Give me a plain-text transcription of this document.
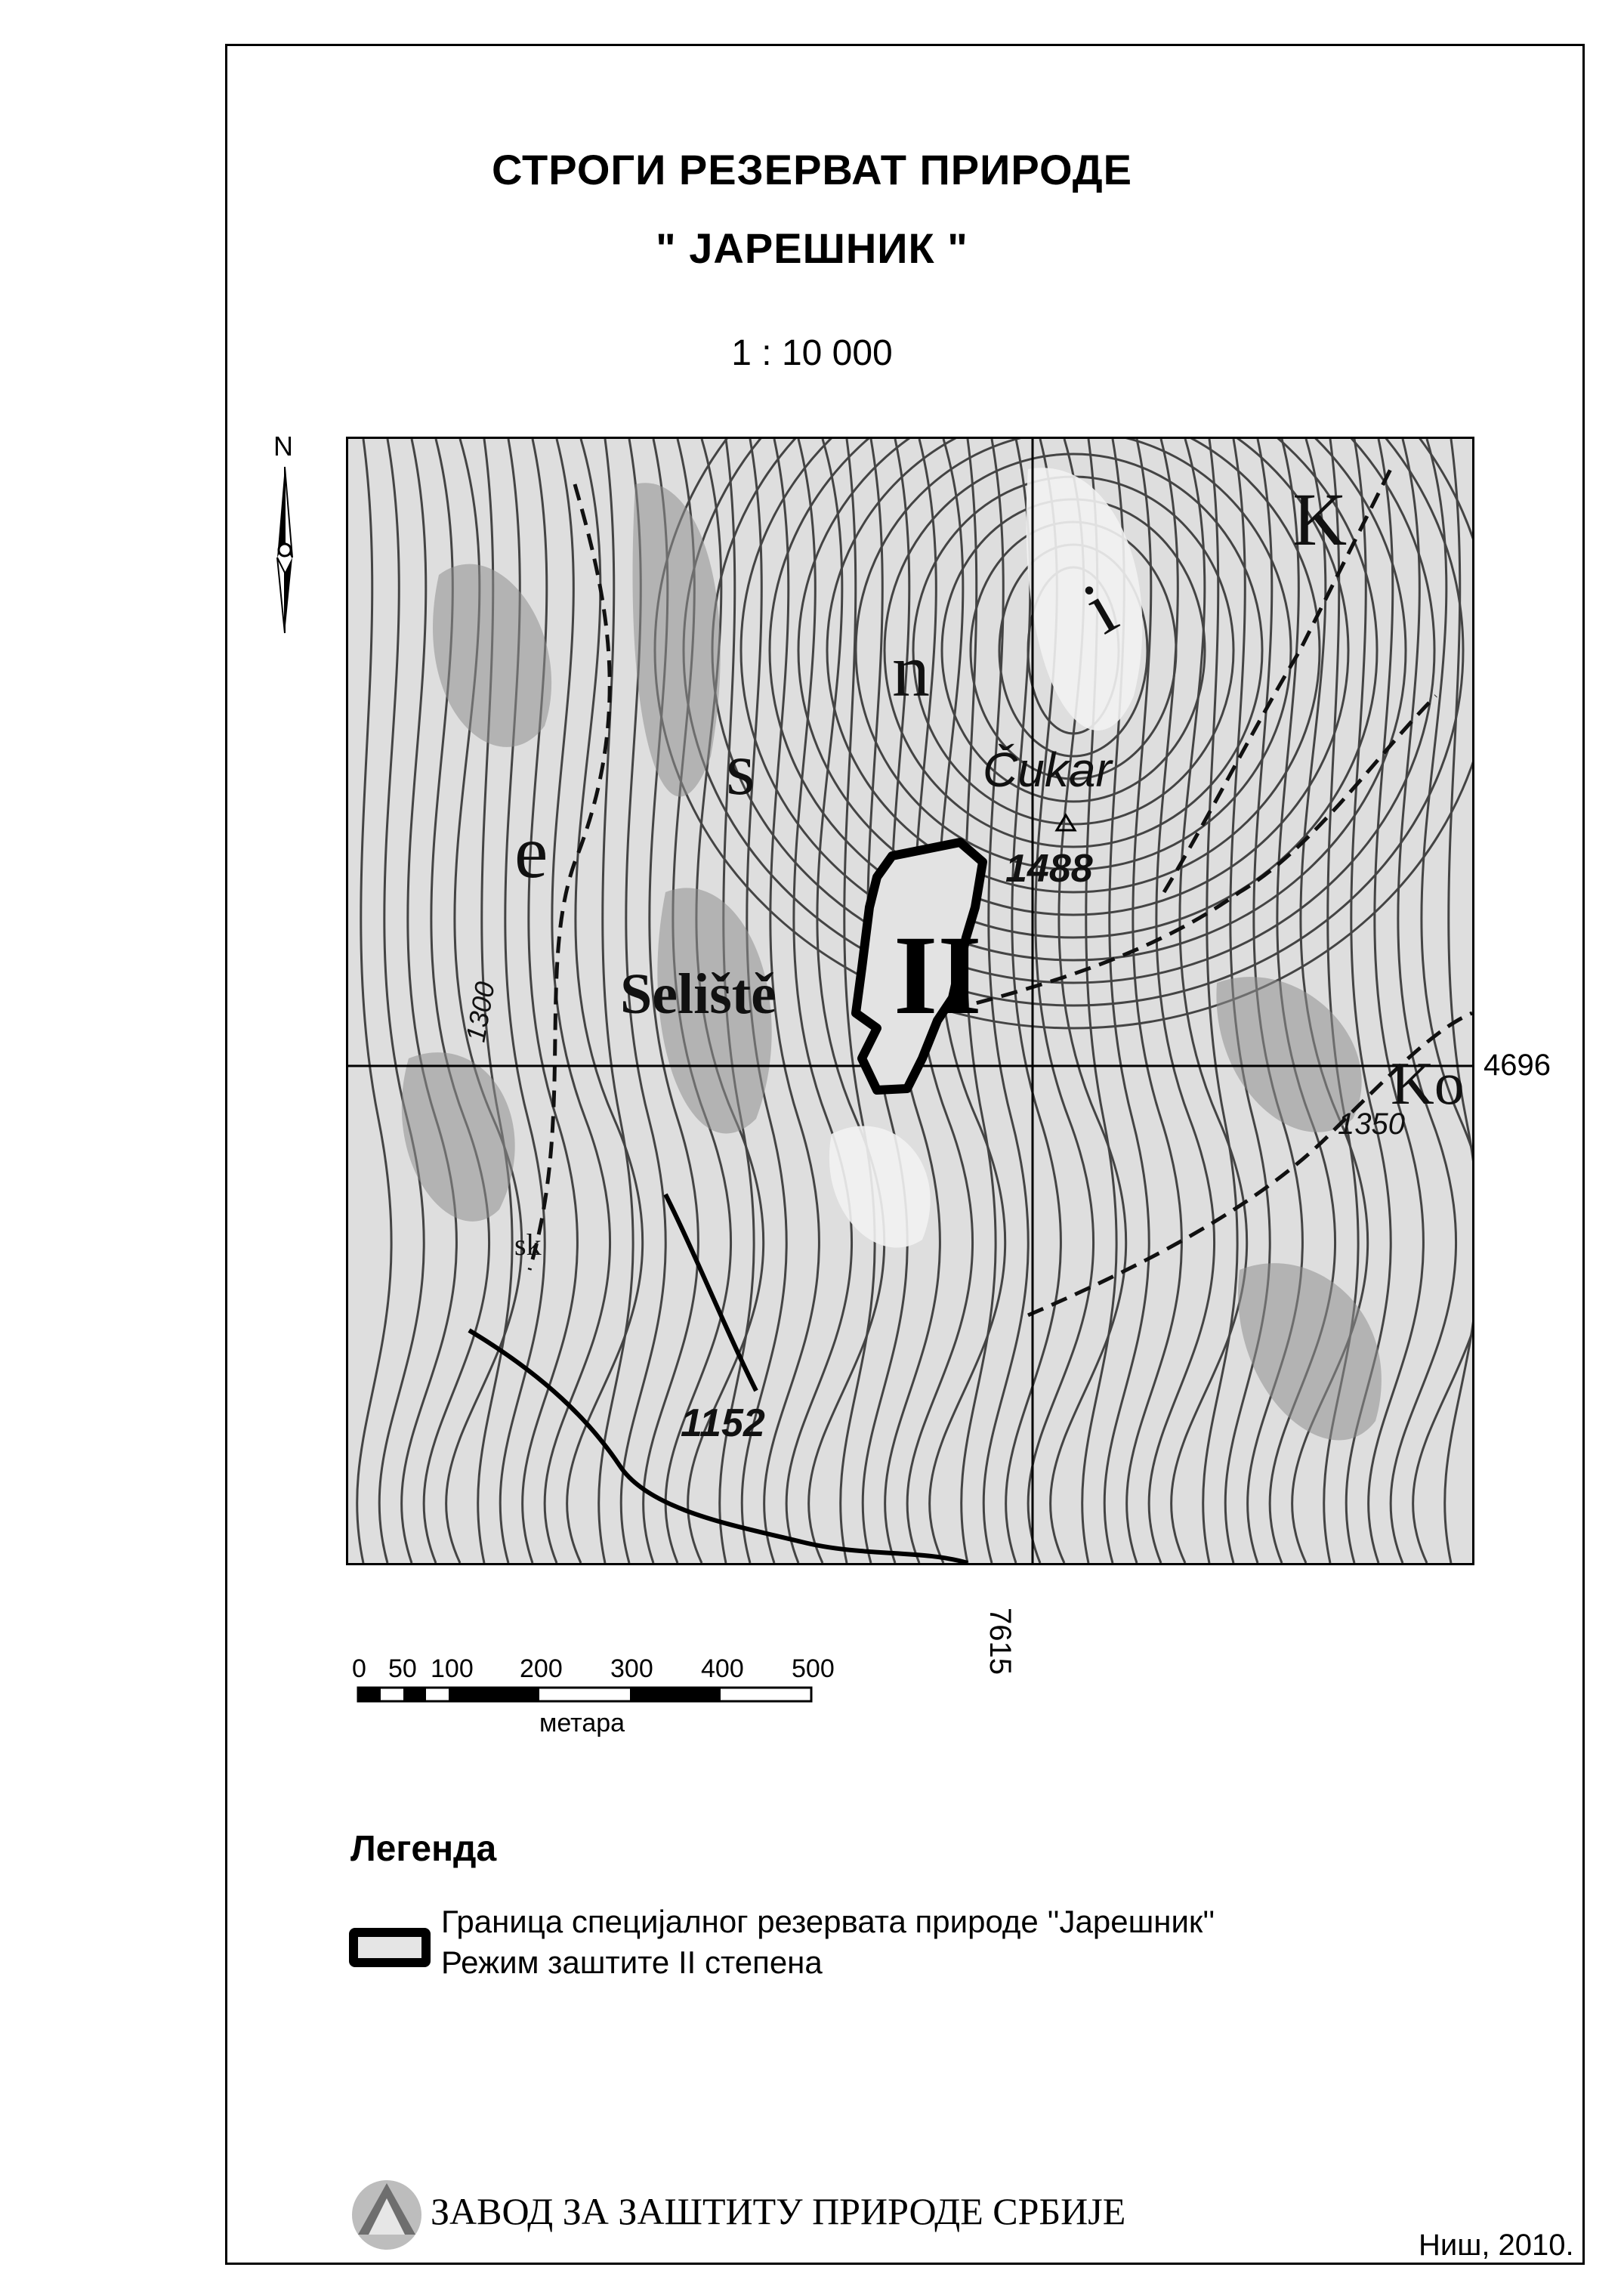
СТРОГИ РЕЗЕРВАТ ПРИРОДЕ
" ЈАРЕШНИК "
1 : 10 000
N
II
Seliště
Čukar
1488
1152
1350
1300
sk
Ko
e
s
n
i
K
4696
7615
0 50 100 200 300 400 500
метара
Легенда
Граница специјалног резервата природе ''Јарешник''
Режим заштите II степена
ЗАВОД ЗА ЗАШТИТУ ПРИРОДЕ СРБИЈЕ
Ниш, 2010.
